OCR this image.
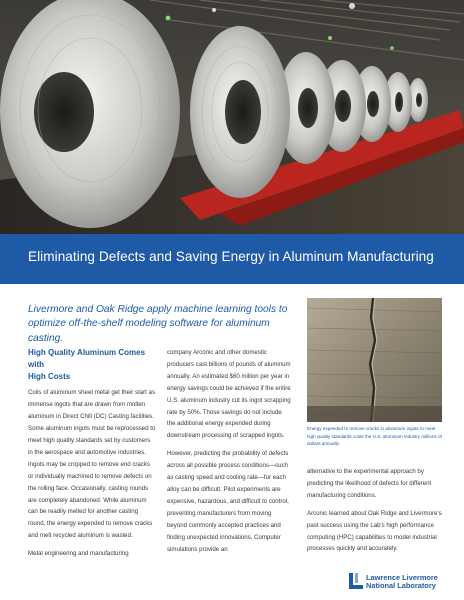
Eliminating Defects and Saving Energy in Aluminum Manufacturing
Livermore and Oak Ridge apply machine learning tools to
optimize off-the-shelf modeling software for aluminum casting.
High Quality Aluminum Comes with
High Costs

Coils of aluminum sheet metal get their start as immense ingots that are drawn from molten aluminum in Direct Chill (DC) Casting facilities. Some aluminum ingots must be reprocessed to meet high quality standards set by customers in the aerospace and automotive industries. Ingots may be cropped to remove end cracks or individually machined to remove defects on the rolling face. Occasionally, casting rounds are completely abandoned. While aluminum can be readily melted for another casting round, the energy expended to remove cracks and melt recycled aluminum is wasted.

Metal engineering and manufacturing

company Arconic and other domestic producers cast billions of pounds of aluminum annually. An estimated $60 million per year in energy savings could be achieved if the entire U.S. aluminum industry cut its ingot scrapping rate by 50%. Those savings do not include the additional energy expended during downstream processing of scrapped ingots.

However, predicting the probability of defects across all possible process conditions—such as casting speed and cooling rate—for each alloy can be difficult. Pilot experiments are expensive, hazardous, and difficult to control, preventing manufacturers from moving beyond commonly accepted practices and finding unexpected innovations. Computer simulations provide an

Energy expended to remove cracks in aluminum ingots to meet high quality standards costs the U.S. aluminum industry millions of dollars annually.

alternative to the experimental approach by predicting the likelihood of defects for different manufacturing conditions.

Arconic learned about Oak Ridge and Livermore's past success using the Lab's high performance computing (HPC) capabilities to model industrial processes quickly and accurately.

Lawrence Livermore
National Laboratory
